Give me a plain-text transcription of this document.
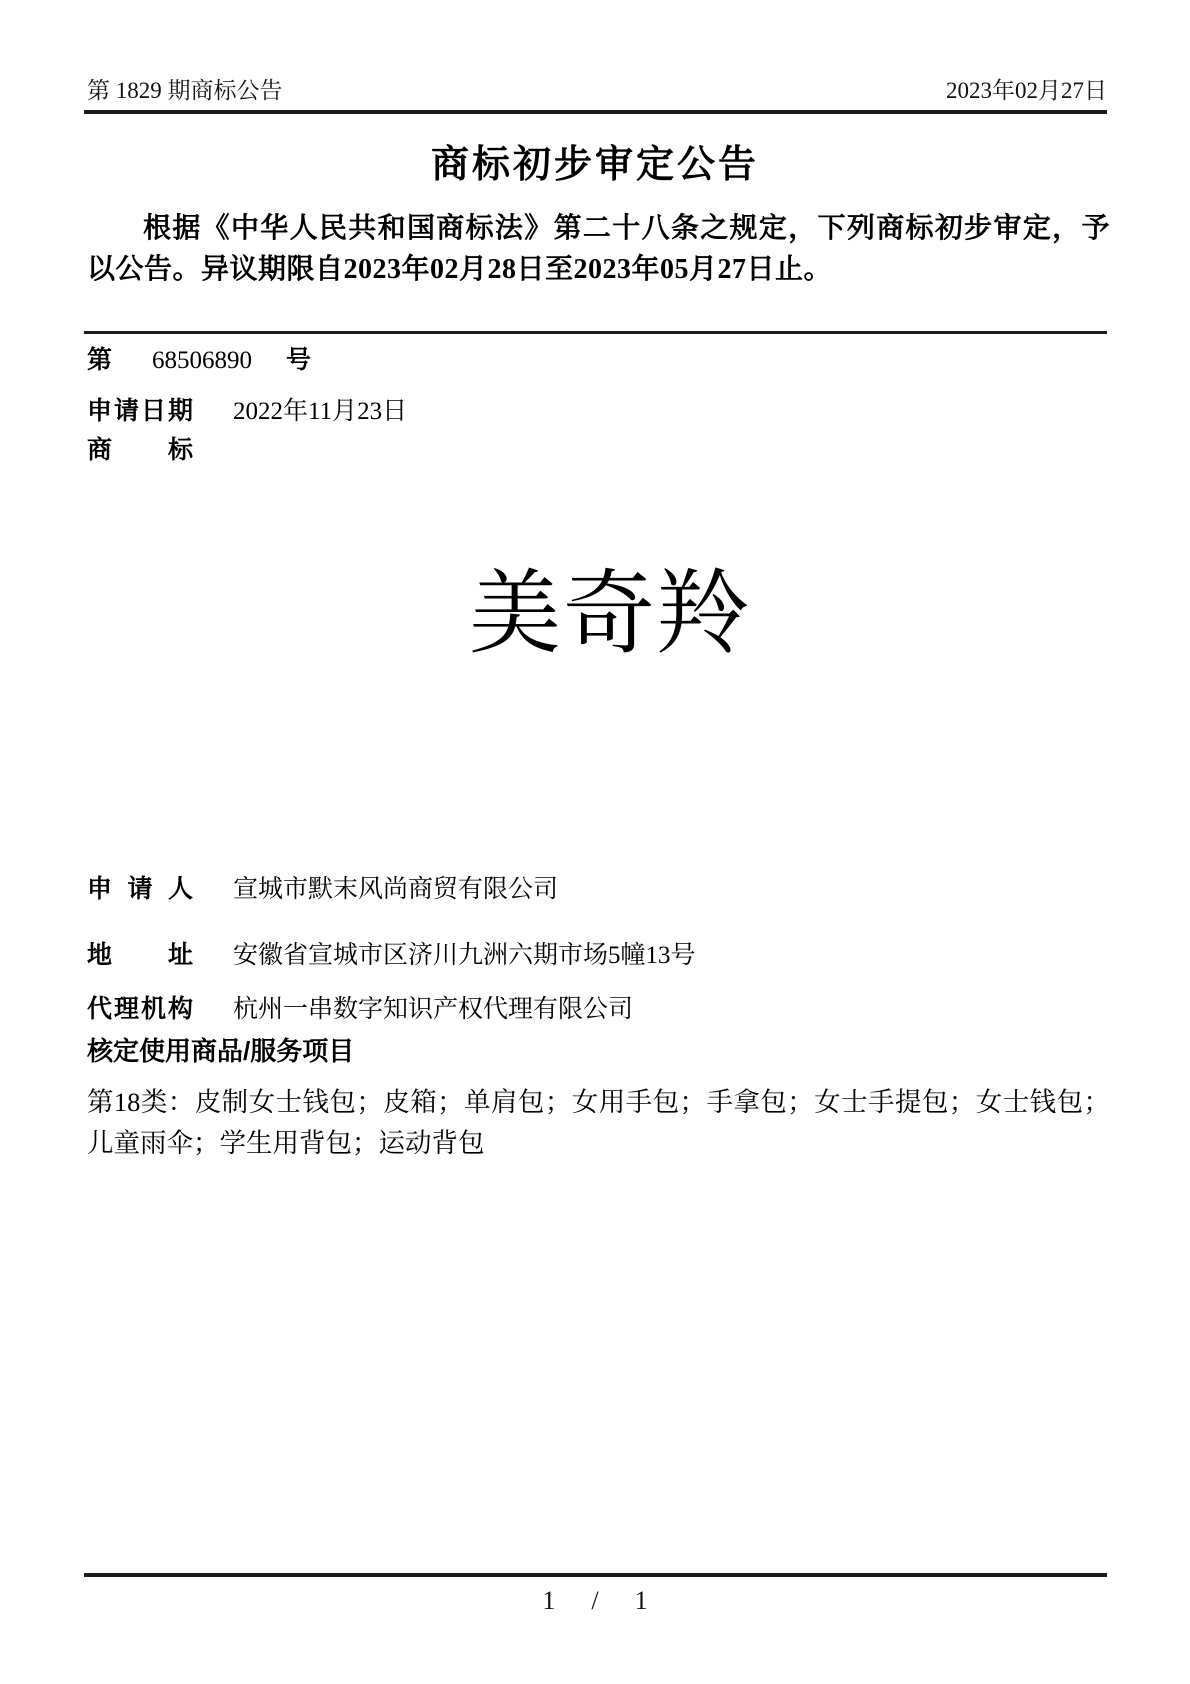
第 1829 期商标公告	2023年02月27日
商标初步审定公告

根据《中华人民共和国商标法》第二十八条之规定，下列商标初步审定，予以公告。异议期限自2023年02月28日至2023年05月27日止。

第 68506890 号
申请日期 2022年11月23日
商标
美奇羚
申请人 宣城市默末风尚商贸有限公司
地址 安徽省宣城市区济川九洲六期市场5幢13号
代理机构 杭州一串数字知识产权代理有限公司
核定使用商品/服务项目

第18类：皮制女士钱包；皮箱；单肩包；女用手包；手拿包；女士手提包；女士钱包；儿童雨伞；学生用背包；运动背包

1 / 1
